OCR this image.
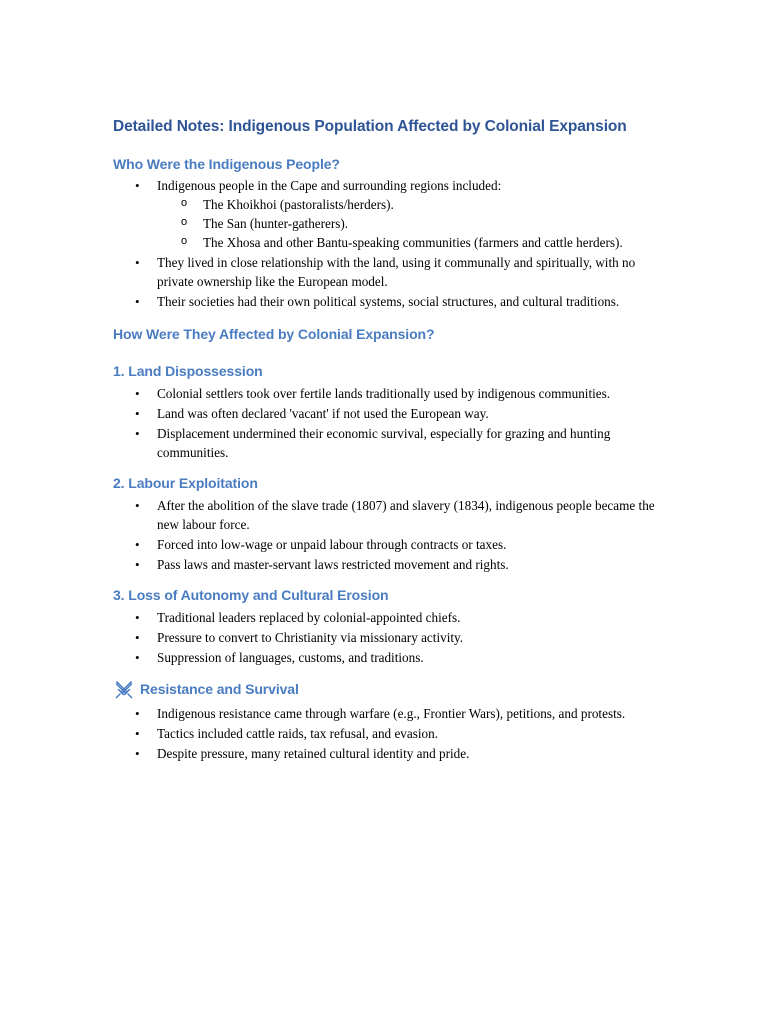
Detailed Notes: Indigenous Population Affected by Colonial Expansion
Who Were the Indigenous People?
• Indigenous people in the Cape and surrounding regions included:
o The Khoikhoi (pastoralists/herders).
o The San (hunter-gatherers).
o The Xhosa and other Bantu-speaking communities (farmers and cattle herders).
• They lived in close relationship with the land, using it communally and spiritually, with no private ownership like the European model.
• Their societies had their own political systems, social structures, and cultural traditions.
How Were They Affected by Colonial Expansion?
1. Land Dispossession
• Colonial settlers took over fertile lands traditionally used by indigenous communities.
• Land was often declared 'vacant' if not used the European way.
• Displacement undermined their economic survival, especially for grazing and hunting communities.
2. Labour Exploitation
• After the abolition of the slave trade (1807) and slavery (1834), indigenous people became the new labour force.
• Forced into low-wage or unpaid labour through contracts or taxes.
• Pass laws and master-servant laws restricted movement and rights.
3. Loss of Autonomy and Cultural Erosion
• Traditional leaders replaced by colonial-appointed chiefs.
• Pressure to convert to Christianity via missionary activity.
• Suppression of languages, customs, and traditions.
Resistance and Survival
• Indigenous resistance came through warfare (e.g., Frontier Wars), petitions, and protests.
• Tactics included cattle raids, tax refusal, and evasion.
• Despite pressure, many retained cultural identity and pride.
